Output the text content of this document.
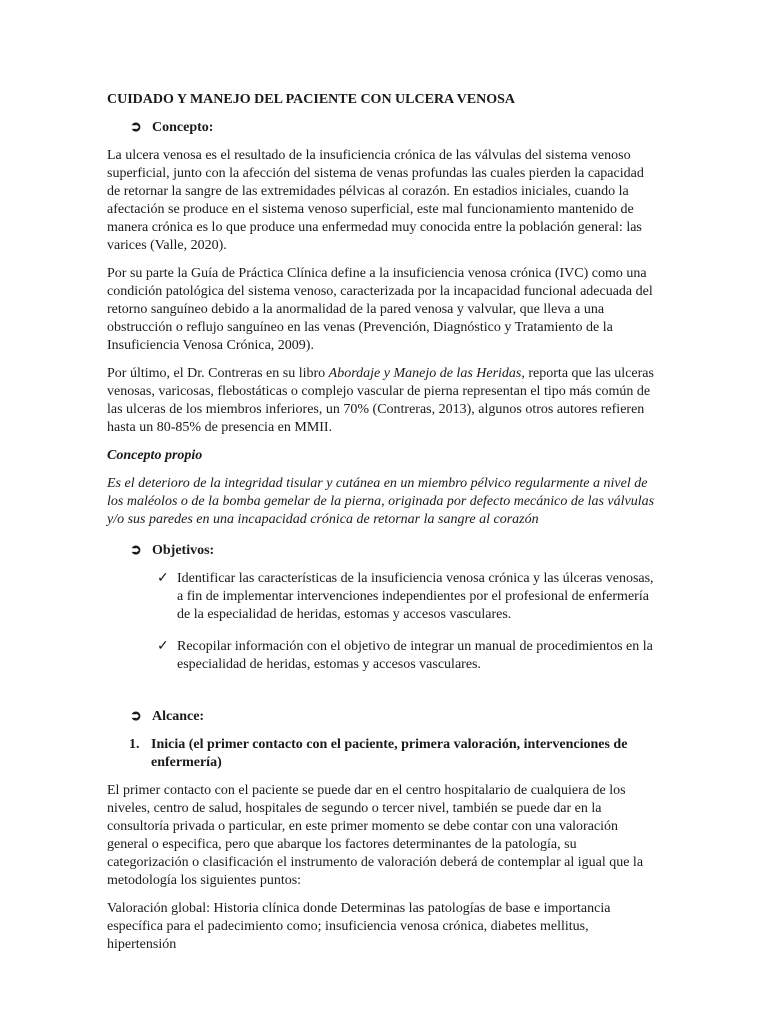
CUIDADO Y MANEJO DEL PACIENTE CON ULCERA VENOSA
➲ Concepto:

La ulcera venosa es el resultado de la insuficiencia crónica de las válvulas del sistema venoso superficial, junto con la afección del sistema de venas profundas las cuales pierden la capacidad de retornar la sangre de las extremidades pélvicas al corazón. En estadios iniciales, cuando la afectación se produce en el sistema venoso superficial, este mal funcionamiento mantenido de manera crónica es lo que produce una enfermedad muy conocida entre la población general: las varices (Valle, 2020).

Por su parte la Guía de Práctica Clínica define a la insuficiencia venosa crónica (IVC) como una condición patológica del sistema venoso, caracterizada por la incapacidad funcional adecuada del retorno sanguíneo debido a la anormalidad de la pared venosa y valvular, que lleva a una obstrucción o reflujo sanguíneo en las venas (Prevención, Diagnóstico y Tratamiento de la Insuficiencia Venosa Crónica, 2009).

Por último, el Dr. Contreras en su libro Abordaje y Manejo de las Heridas, reporta que las ulceras venosas, varicosas, flebostáticas o complejo vascular de pierna representan el tipo más común de las ulceras de los miembros inferiores, un 70% (Contreras, 2013), algunos otros autores refieren hasta un 80-85% de presencia en MMII.

Concepto propio

Es el deterioro de la integridad tisular y cutánea en un miembro pélvico regularmente a nivel de los maléolos o de la bomba gemelar de la pierna, originada por defecto mecánico de las válvulas y/o sus paredes en una incapacidad crónica de retornar la sangre al corazón

➲ Objetivos:
✓ Identificar las características de la insuficiencia venosa crónica y las úlceras venosas, a fin de implementar intervenciones independientes por el profesional de enfermería de la especialidad de heridas, estomas y accesos vasculares.
✓ Recopilar información con el objetivo de integrar un manual de procedimientos en la especialidad de heridas, estomas y accesos vasculares.
➲ Alcance:
1. Inicia (el primer contacto con el paciente, primera valoración, intervenciones de enfermería)

El primer contacto con el paciente se puede dar en el centro hospitalario de cualquiera de los niveles, centro de salud, hospitales de segundo o tercer nivel, también se puede dar en la consultoría privada o particular, en este primer momento se debe contar con una valoración general o especifica, pero que abarque los factores determinantes de la patología, su categorización o clasificación el instrumento de valoración deberá de contemplar al igual que la metodología los siguientes puntos:

Valoración global: Historia clínica donde Determinas las patologías de base e importancia específica para el padecimiento como; insuficiencia venosa crónica, diabetes mellitus, hipertensión
